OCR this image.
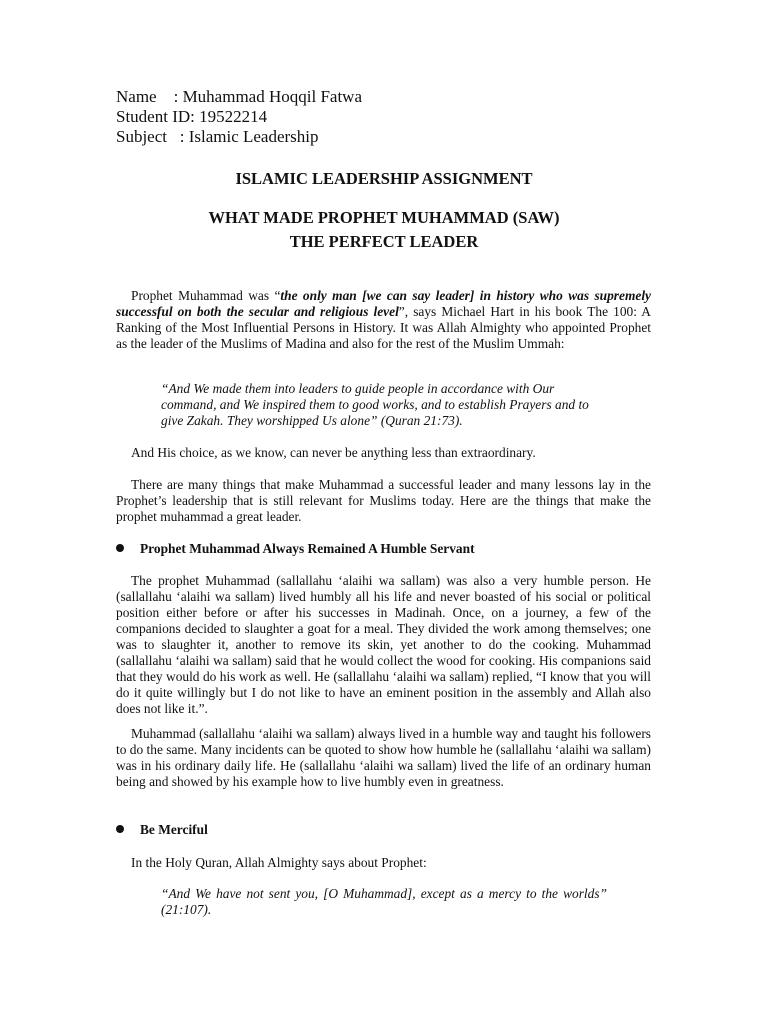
Name    : Muhammad Hoqqil Fatwa
Student ID: 19522214
Subject   : Islamic Leadership
ISLAMIC LEADERSHIP ASSIGNMENT
WHAT MADE PROPHET MUHAMMAD (SAW)
THE PERFECT LEADER
Prophet Muhammad was “the only man [we can say leader] in history who was supremely successful on both the secular and religious level”, says Michael Hart in his book The 100: A Ranking of the Most Influential Persons in History. It was Allah Almighty who appointed Prophet as the leader of the Muslims of Madina and also for the rest of the Muslim Ummah:
“And We made them into leaders to guide people in accordance with Our command, and We inspired them to good works, and to establish Prayers and to give Zakah. They worshipped Us alone” (Quran 21:73).
And His choice, as we know, can never be anything less than extraordinary.
There are many things that make Muhammad a successful leader and many lessons lay in the Prophet’s leadership that is still relevant for Muslims today. Here are the things that make the prophet muhammad a great leader.
Prophet Muhammad Always Remained A Humble Servant
The prophet Muhammad (sallallahu ‘alaihi wa sallam) was also a very humble person. He (sallallahu ‘alaihi wa sallam) lived humbly all his life and never boasted of his social or political position either before or after his successes in Madinah. Once, on a journey, a few of the companions decided to slaughter a goat for a meal. They divided the work among themselves; one was to slaughter it, another to remove its skin, yet another to do the cooking. Muhammad (sallallahu ‘alaihi wa sallam) said that he would collect the wood for cooking. His companions said that they would do his work as well. He (sallallahu ‘alaihi wa sallam) replied, “I know that you will do it quite willingly but I do not like to have an eminent position in the assembly and Allah also does not like it.”.
Muhammad (sallallahu ‘alaihi wa sallam) always lived in a humble way and taught his followers to do the same. Many incidents can be quoted to show how humble he (sallallahu ‘alaihi wa sallam) was in his ordinary daily life. He (sallallahu ‘alaihi wa sallam) lived the life of an ordinary human being and showed by his example how to live humbly even in greatness.
Be Merciful
In the Holy Quran, Allah Almighty says about Prophet:
“And We have not sent you, [O Muhammad], except as a mercy to the worlds” (21:107).
